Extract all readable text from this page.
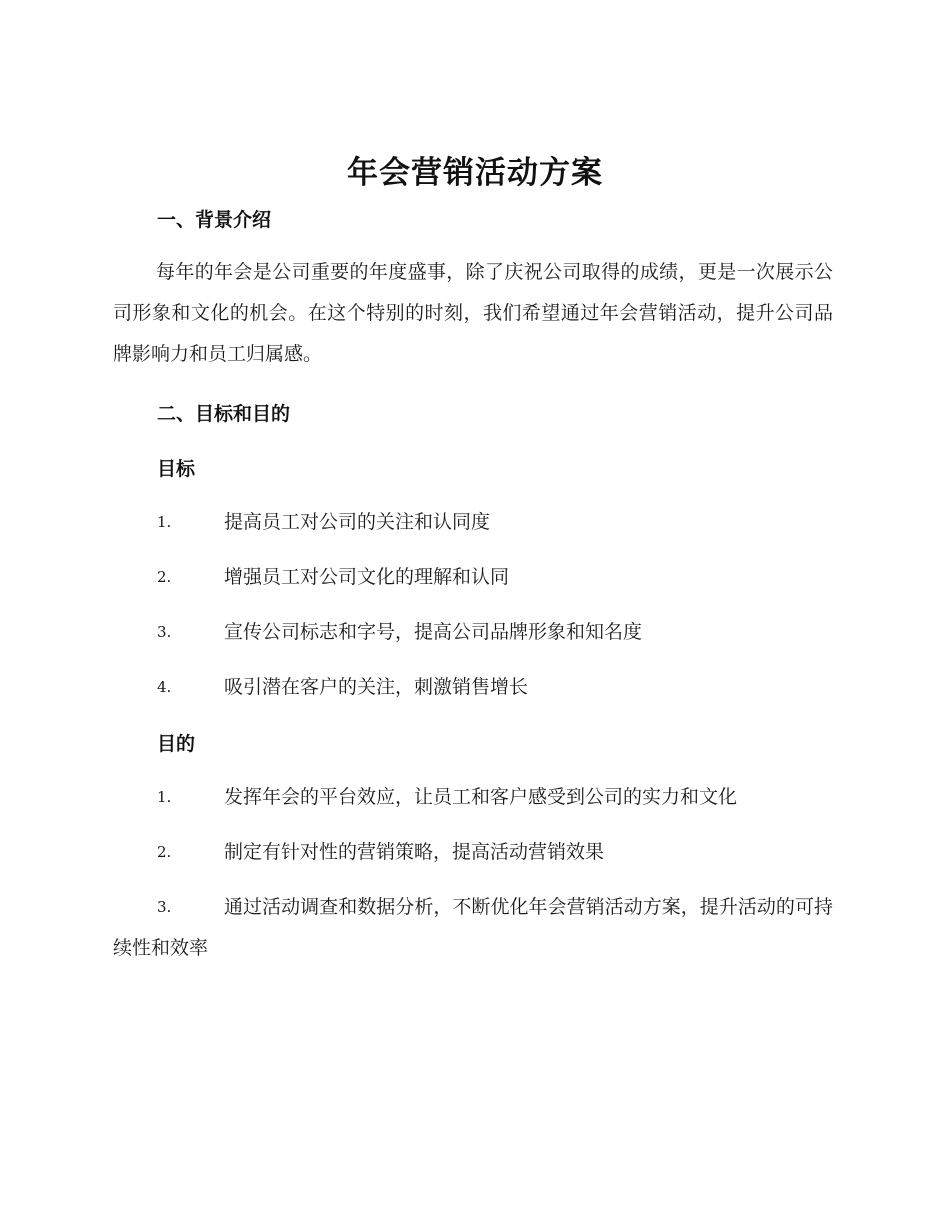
年会营销活动方案
一、背景介绍
每年的年会是公司重要的年度盛事，除了庆祝公司取得的成绩，更是一次展示公司形象和文化的机会。在这个特别的时刻，我们希望通过年会营销活动，提升公司品牌影响力和员工归属感。
二、目标和目的
目标
1.	提高员工对公司的关注和认同度
2.	增强员工对公司文化的理解和认同
3.	宣传公司标志和字号，提高公司品牌形象和知名度
4.	吸引潜在客户的关注，刺激销售增长
目的
1.	发挥年会的平台效应，让员工和客户感受到公司的实力和文化
2.	制定有针对性的营销策略，提高活动营销效果
3.	通过活动调查和数据分析，不断优化年会营销活动方案，提升活动的可持续性和效率
